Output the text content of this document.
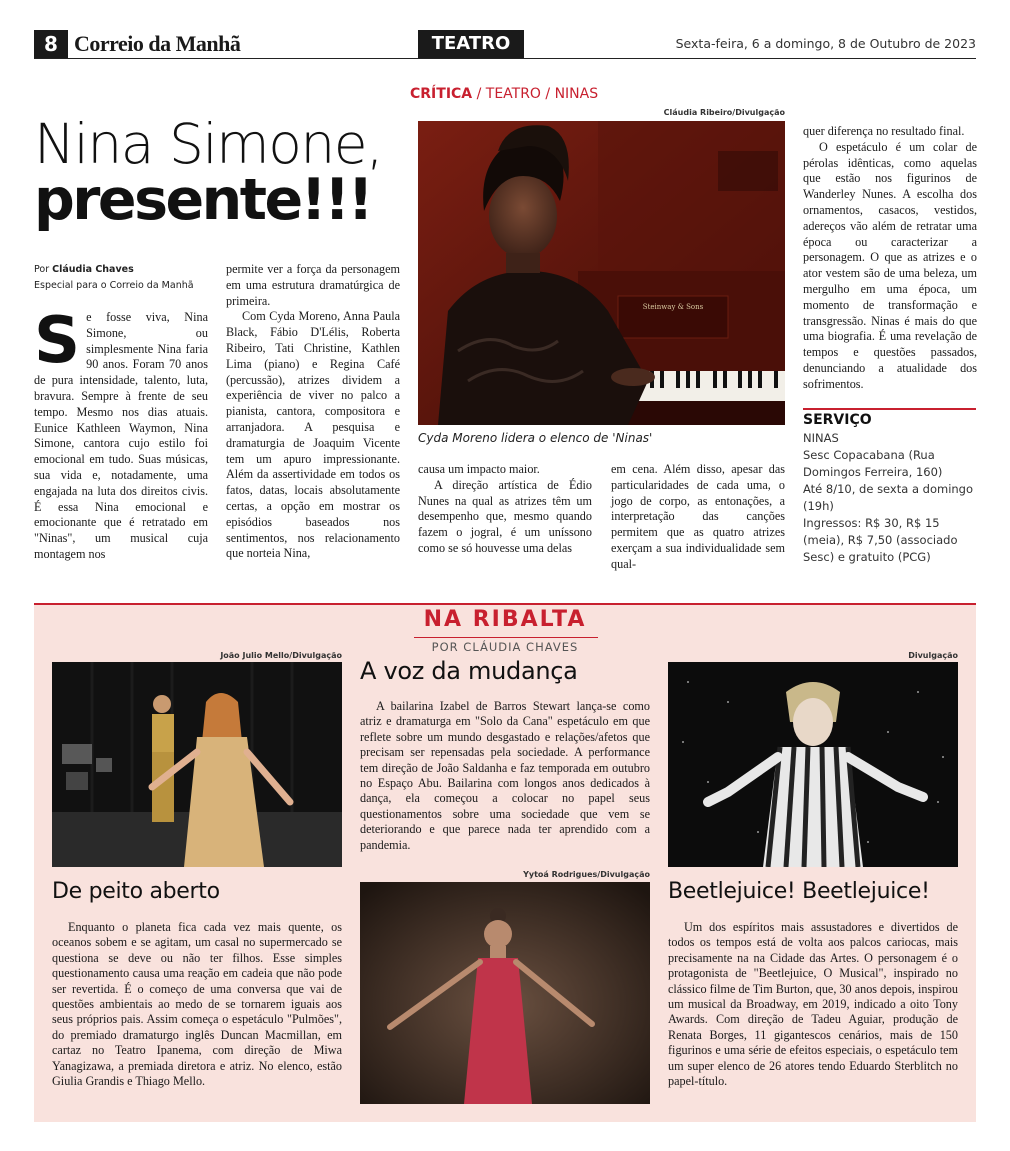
8 Correio da Manhã	TEATRO	Sexta-feira, 6 a domingo, 8 de Outubro de 2023
CRÍTICA / TEATRO / NINAS
Nina Simone,
presente!!!
Por Cláudia Chaves
Especial para o Correio da Manhã
S e fosse viva, Nina Simone, ou simplesmente Nina faria 90 anos. Foram 70 anos de pura intensidade, talento, luta, bravura. Sempre à frente de seu tempo. Mesmo nos dias atuais. Eunice Kathleen Waymon, Nina Simone, cantora cujo estilo foi emocional em tudo. Suas músicas, sua vida e, notadamente, uma engajada na luta dos direitos civis. É essa Nina emocional e emocionante que é retratado em "Ninas", um musical cuja montagem nos

permite ver a força da personagem em uma estrutura dramatúrgica de primeira.

Com Cyda Moreno, Anna Paula Black, Fábio D'Lélis, Roberta Ribeiro, Tati Christine, Kathlen Lima (piano) e Regina Café (percussão), atrizes dividem a experiência de viver no palco a pianista, cantora, compositora e arranjadora. A pesquisa e dramaturgia de Joaquim Vicente tem um apuro impressionante. Além da assertividade em todos os fatos, datas, locais absolutamente certas, a opção em mostrar os episódios baseados nos sentimentos, nos relacionamento que norteia Nina,

Cláudia Ribeiro/Divulgação
Steinway & Sons
Cyda Moreno lidera o elenco de 'Ninas'

causa um impacto maior.

A direção artística de Édio Nunes na qual as atrizes têm um desempenho que, mesmo quando fazem o jogral, é um uníssono como se só houvesse uma delas

em cena. Além disso, apesar das particularidades de cada uma, o jogo de corpo, as entonações, a interpretação das canções permitem que as quatro atrizes exerçam a sua individualidade sem qual-

quer diferença no resultado final.

O espetáculo é um colar de pérolas idênticas, como aquelas que estão nos figurinos de Wanderley Nunes. A escolha dos ornamentos, casacos, vestidos, adereços vão além de retratar uma época ou caracterizar a personagem. O que as atrizes e o ator vestem são de uma beleza, um mergulho em uma época, um momento de transformação e transgressão. Ninas é mais do que uma biografia. É uma revelação de tempos e questões passados, denunciando a atualidade dos sofrimentos.

SERVIÇO
NINAS
Sesc Copacabana (Rua Domingos Ferreira, 160)
Até 8/10, de sexta a domingo (19h)
Ingressos: R$ 30, R$ 15 (meia), R$ 7,50 (associado Sesc) e gratuito (PCG)
NA RIBALTA
POR CLÁUDIA CHAVES
João Julio Mello/Divulgação
De peito aberto

Enquanto o planeta fica cada vez mais quente, os oceanos sobem e se agitam, um casal no supermercado se questiona se deve ou não ter filhos. Esse simples questionamento causa uma reação em cadeia que não pode ser revertida. É o começo de uma conversa que vai de questões ambientais ao medo de se tornarem iguais aos seus próprios pais. Assim começa o espetáculo "Pulmões", do premiado dramaturgo inglês Duncan Macmillan, em cartaz no Teatro Ipanema, com direção de Miwa Yanagizawa, a premiada diretora e atriz. No elenco, estão Giulia Grandis e Thiago Mello.

A voz da mudança

A bailarina Izabel de Barros Stewart lança-se como atriz e dramaturga em "Solo da Cana" espetáculo em que reflete sobre um mundo desgastado e relações/afetos que precisam ser repensadas pela sociedade. A performance tem direção de João Saldanha e faz temporada em outubro no Espaço Abu. Bailarina com longos anos dedicados à dança, ela começou a colocar no papel seus questionamentos sobre uma sociedade que vem se deteriorando e que parece nada ter aprendido com a pandemia.

Yytoá Rodrigues/Divulgação
Divulgação
Beetlejuice! Beetlejuice!

Um dos espíritos mais assustadores e divertidos de todos os tempos está de volta aos palcos cariocas, mais precisamente na na Cidade das Artes. O personagem é o protagonista de "Beetlejuice, O Musical", inspirado no clássico filme de Tim Burton, que, 30 anos depois, inspirou um musical da Broadway, em 2019, indicado a oito Tony Awards. Com direção de Tadeu Aguiar, produção de Renata Borges, 11 gigantescos cenários, mais de 150 figurinos e uma série de efeitos especiais, o espetáculo tem um super elenco de 26 atores tendo Eduardo Sterblitch no papel-título.
